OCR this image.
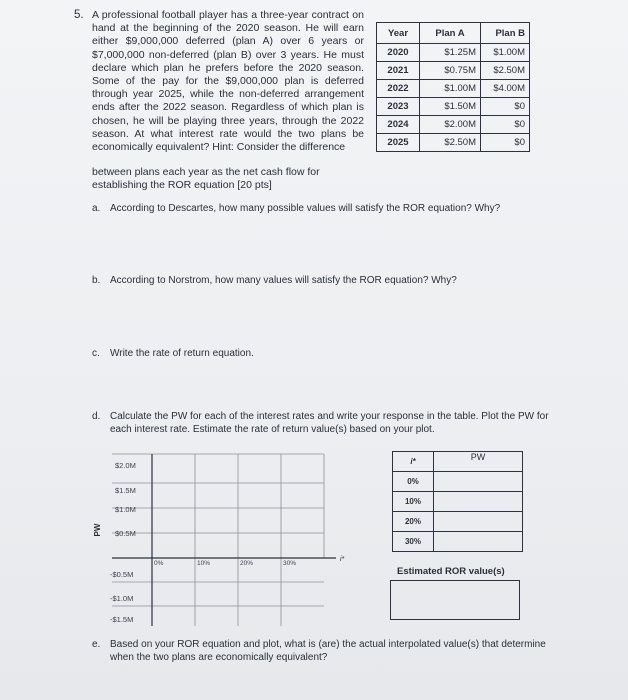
5. A professional football player has a three-year contract on hand at the beginning of the 2020 season. He will earn either $9,000,000 deferred (plan A) over 6 years or $7,000,000 non-deferred (plan B) over 3 years. He must declare which plan he prefers before the 2020 season. Some of the pay for the $9,000,000 plan is deferred through year 2025, while the non-deferred arrangement ends after the 2022 season. Regardless of which plan is chosen, he will be playing three years, through the 2022 season. At what interest rate would the two plans be economically equivalent? Hint: Consider the difference
between plans each year as the net cash flow for establishing the ROR equation [20 pts]
Year	Plan A	Plan B
2020	$1.25M	$1.00M
2021	$0.75M	$2.50M
2022	$1.00M	$4.00M
2023	$1.50M	$0
2024	$2.00M	$0
2025	$2.50M	$0
a. According to Descartes, how many possible values will satisfy the ROR equation? Why?
b. According to Norstrom, how many values will satisfy the ROR equation? Why?
c. Write the rate of return equation.
d. Calculate the PW for each of the interest rates and write your response in the table. Plot the PW for each interest rate. Estimate the rate of return value(s) based on your plot.
PW
i*
$2.0M
$1.5M
$1.0M
$0.5M
-$0.5M
-$1.0M
-$1.5M
0%	10%	20%	30%
i*	PW
0%	
10%	
20%	
30%	
Estimated ROR value(s)
e. Based on your ROR equation and plot, what is (are) the actual interpolated value(s) that determine when the two plans are economically equivalent?
